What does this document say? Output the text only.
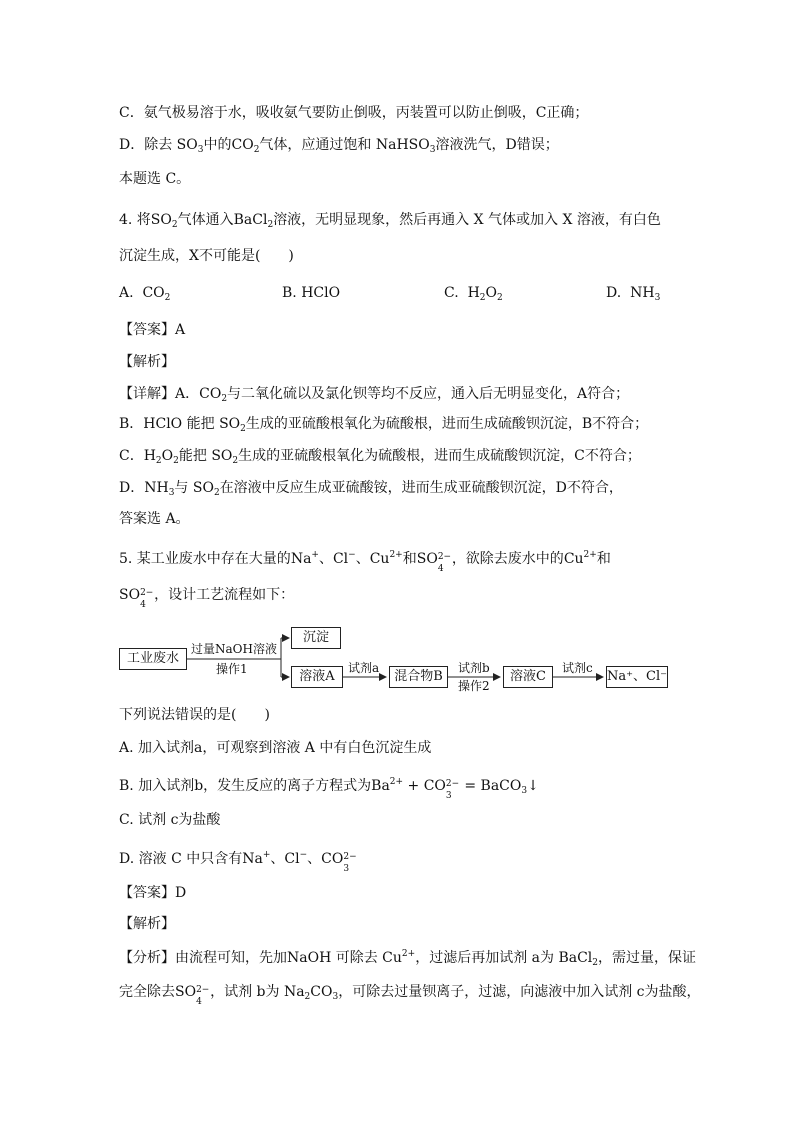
C．氨气极易溶于水，吸收氨气要防止倒吸，丙装置可以防止倒吸，C正确；
D．除去 $SO_3$中的$CO_2$气体，应通过饱和 NaHSO$_3$溶液洗气，D错误；
本题选 C。
4. 将$SO_2$气体通入BaCl$_2$溶液，无明显现象，然后再通入 X 气体或加入 X 溶液，有白色
沉淀生成，X不可能是(　　)
A. $CO_2$	B. HClO	C. $H_2O_2$	D. $NH_3$
【答案】A
【解析】
【详解】A．$CO_2$与二氧化硫以及氯化钡等均不反应，通入后无明显变化，A符合；
B．HClO 能把 $SO_2$生成的亚硫酸根氧化为硫酸根，进而生成硫酸钡沉淀，B不符合；
C．$H_2O_2$能把 $SO_2$生成的亚硫酸根氧化为硫酸根，进而生成硫酸钡沉淀，C不符合；
D．$NH_3$与 $SO_2$在溶液中反应生成亚硫酸铵，进而生成亚硫酸钡沉淀，D不符合，
答案选 A。
5. 某工业废水中存在大量的Na+、Cl−、$Cu^{2+}$和SO 2−
4
，欲除去废水中的$Cu^{2+}$和
SO 2−
4
，设计工艺流程如下：
工业废水
过量NaOH溶液
操作1
沉淀
溶液A
试剂a
混合物B
试剂b
操作2
溶液C
试剂c
Na⁺、Cl⁻
下列说法错误的是(　　)
A. 加入试剂a，可观察到溶液 A 中有白色沉淀生成
B. 加入试剂b，发生反应的离子方程式为$Ba^{2+}$ + CO 2−
3
= BaCO$_3$↓
C. 试剂 c为盐酸
D. 溶液 C 中只含有Na+、Cl−、CO 2−
3
【答案】D
【解析】
【分析】由流程可知，先加NaOH 可除去 $Cu^{2+}$，过滤后再加试剂 a为 BaCl$_2$，需过量，保证
完全除去SO 2−
4
，试剂 b为 $Na_2CO_3$，可除去过量钡离子，过滤，向滤液中加入试剂 c为盐酸，
